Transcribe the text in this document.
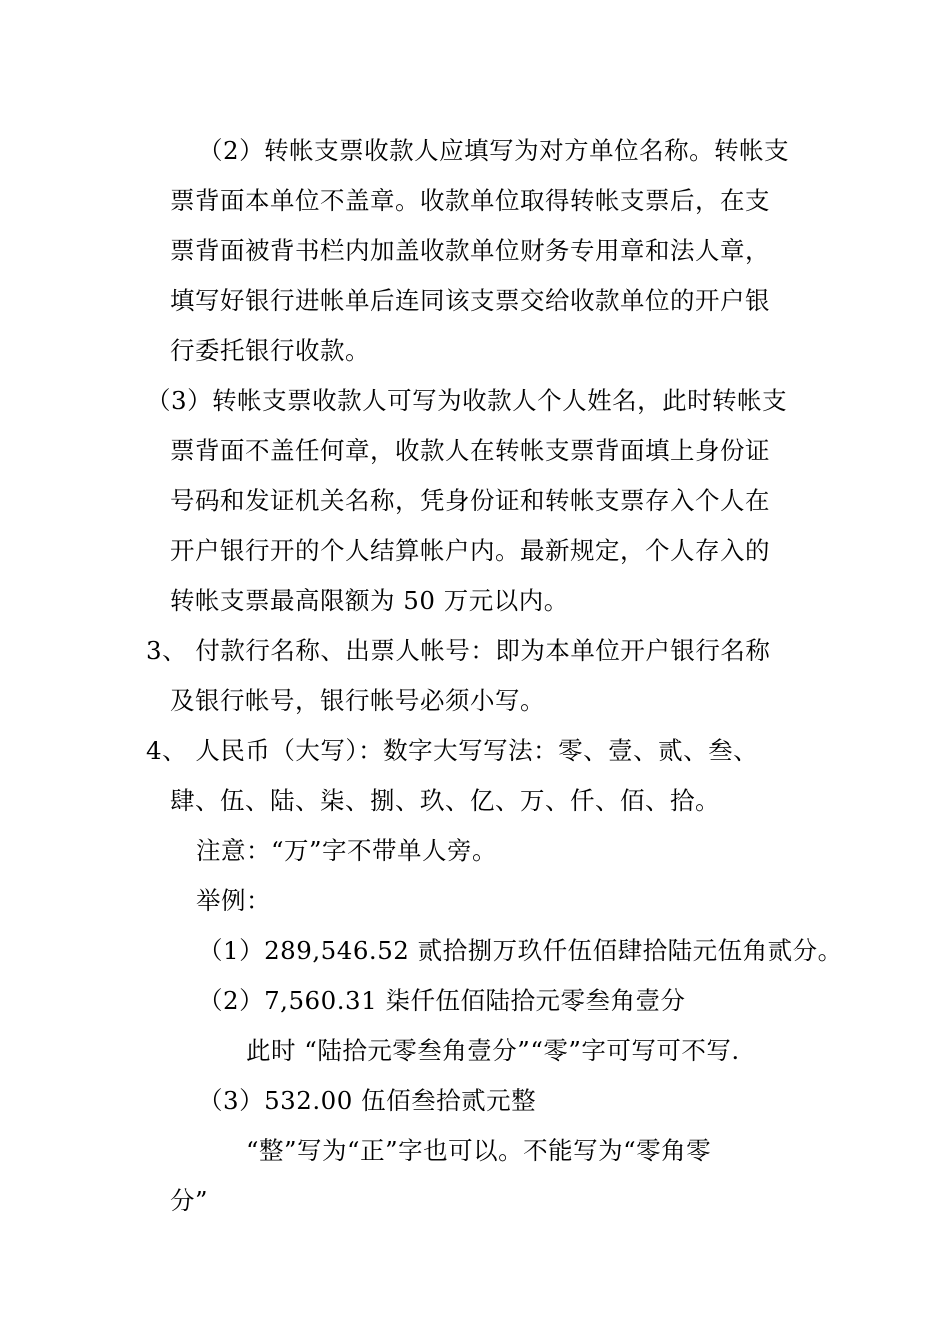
（2）转帐支票收款人应填写为对方单位名称。转帐支
票背面本单位不盖章。收款单位取得转帐支票后，在支
票背面被背书栏内加盖收款单位财务专用章和法人章，
填写好银行进帐单后连同该支票交给收款单位的开户银
行委托银行收款。
（3）转帐支票收款人可写为收款人个人姓名，此时转帐支
票背面不盖任何章，收款人在转帐支票背面填上身份证
号码和发证机关名称，凭身份证和转帐支票存入个人在
开户银行开的个人结算帐户内。最新规定，个人存入的
转帐支票最高限额为 50 万元以内。
3、 付款行名称、出票人帐号：即为本单位开户银行名称
及银行帐号，银行帐号必须小写。
4、 人民币（大写）：数字大写写法：零、壹、贰、叁、
肆、伍、陆、柒、捌、玖、亿、万、仟、佰、拾。
注意：“万”字不带单人旁。
举例：
（1）289,546.52 贰拾捌万玖仟伍佰肆拾陆元伍角贰分。
（2）7,560.31 柒仟伍佰陆拾元零叁角壹分
此时 “陆拾元零叁角壹分”“零”字可写可不写.
（3）532.00 伍佰叁拾贰元整
“整”写为“正”字也可以。不能写为“零角零
分”
